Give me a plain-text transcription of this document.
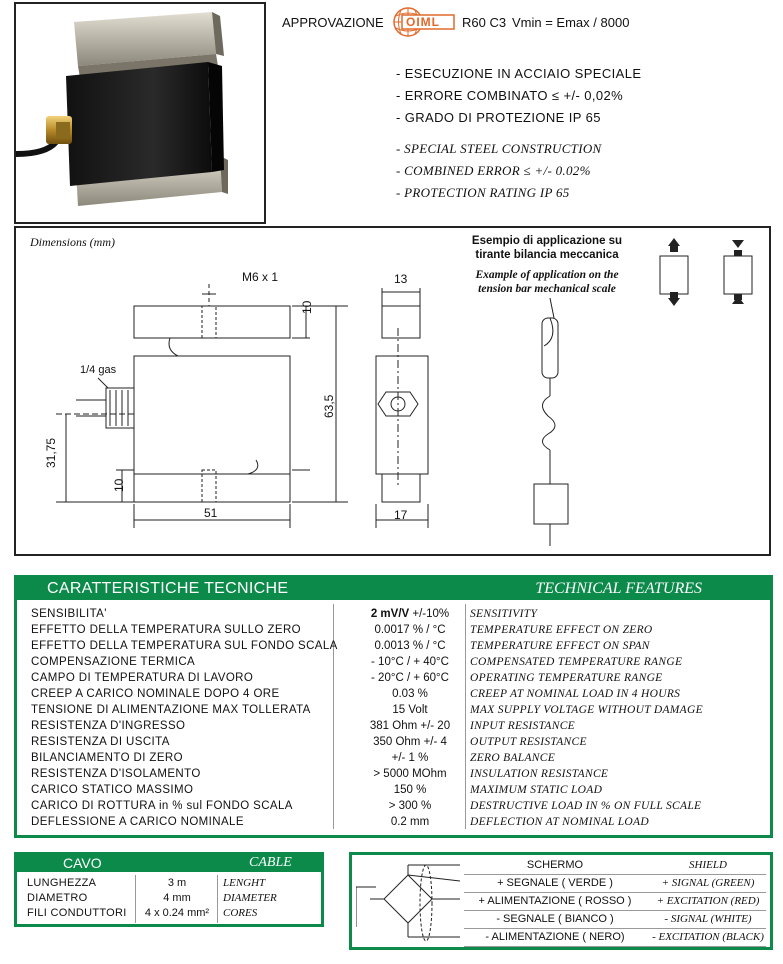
APPROVAZIONE OIML R60 C3 Vmin = Emax / 8000
- ESECUZIONE IN ACCIAIO SPECIALE
- ERRORE COMBINATO ≤ +/- 0,02%
- GRADO DI PROTEZIONE IP 65
- SPECIAL STEEL CONSTRUCTION
- COMBINED ERROR ≤ +/- 0.02%
- PROTECTION RATING IP 65
Dimensions (mm)
M6 x 1
1/4 gas
10
10
63,5
31,75
51
13
17
Esempio di applicazione su
tirante bilancia meccanica
Example of application on the
tension bar mechanical scale
CARATTERISTICHE TECNICHE	TECHNICAL FEATURES
SENSIBILITA'	2 mV/V +/-10%	SENSITIVITY
EFFETTO DELLA TEMPERATURA SULLO ZERO	0.0017 % / °C	TEMPERATURE EFFECT ON ZERO
EFFETTO DELLA TEMPERATURA SUL FONDO SCALA	0.0013 % / °C	TEMPERATURE EFFECT ON SPAN
COMPENSAZIONE TERMICA	- 10°C / + 40°C	COMPENSATED TEMPERATURE RANGE
CAMPO DI TEMPERATURA DI LAVORO	- 20°C / + 60°C	OPERATING TEMPERATURE RANGE
CREEP A CARICO NOMINALE DOPO 4 ORE	0.03 %	CREEP AT NOMINAL LOAD IN 4 HOURS
TENSIONE DI ALIMENTAZIONE MAX TOLLERATA	15 Volt	MAX SUPPLY VOLTAGE WITHOUT DAMAGE
RESISTENZA D'INGRESSO	381 Ohm +/- 20	INPUT RESISTANCE
RESISTENZA DI USCITA	350 Ohm +/- 4	OUTPUT RESISTANCE
BILANCIAMENTO DI ZERO	+/- 1 %	ZERO BALANCE
RESISTENZA D'ISOLAMENTO	> 5000 MOhm	INSULATION RESISTANCE
CARICO STATICO MASSIMO	150 %	MAXIMUM STATIC LOAD
CARICO DI ROTTURA in % sul FONDO SCALA	> 300 %	DESTRUCTIVE LOAD IN % ON FULL SCALE
DEFLESSIONE A CARICO NOMINALE	0.2 mm	DEFLECTION AT NOMINAL LOAD
CAVO	CABLE
LUNGHEZZA	3 m	LENGHT
DIAMETRO	4 mm	DIAMETER
FILI CONDUTTORI	4 x 0.24 mm²	CORES
SCHERMO	SHIELD
+ SEGNALE ( VERDE )	+ SIGNAL (GREEN)
+ ALIMENTAZIONE ( ROSSO )	+ EXCITATION (RED)
- SEGNALE ( BIANCO )	- SIGNAL (WHITE)
- ALIMENTAZIONE ( NERO)	- EXCITATION (BLACK)
